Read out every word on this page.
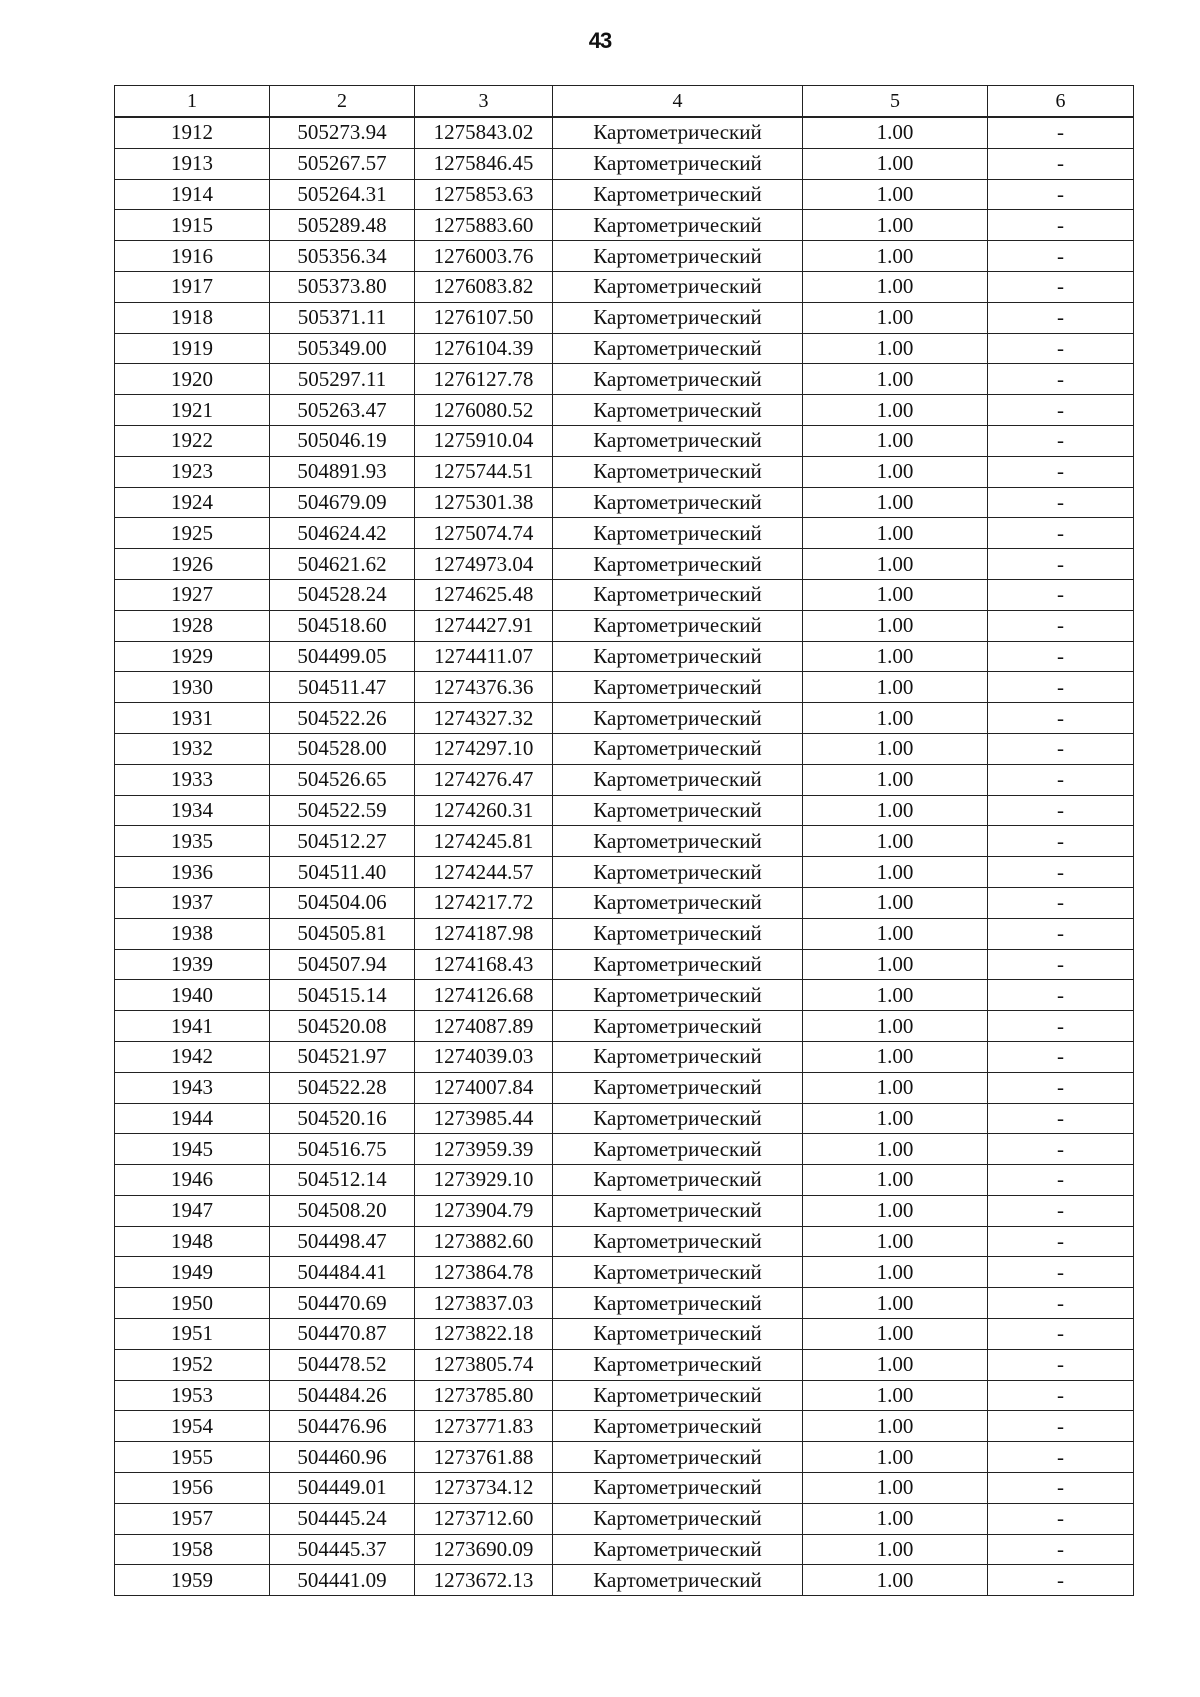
43
1	2	3	4	5	6
1912	505273.94	1275843.02	Картометрический	1.00	-
1913	505267.57	1275846.45	Картометрический	1.00	-
1914	505264.31	1275853.63	Картометрический	1.00	-
1915	505289.48	1275883.60	Картометрический	1.00	-
1916	505356.34	1276003.76	Картометрический	1.00	-
1917	505373.80	1276083.82	Картометрический	1.00	-
1918	505371.11	1276107.50	Картометрический	1.00	-
1919	505349.00	1276104.39	Картометрический	1.00	-
1920	505297.11	1276127.78	Картометрический	1.00	-
1921	505263.47	1276080.52	Картометрический	1.00	-
1922	505046.19	1275910.04	Картометрический	1.00	-
1923	504891.93	1275744.51	Картометрический	1.00	-
1924	504679.09	1275301.38	Картометрический	1.00	-
1925	504624.42	1275074.74	Картометрический	1.00	-
1926	504621.62	1274973.04	Картометрический	1.00	-
1927	504528.24	1274625.48	Картометрический	1.00	-
1928	504518.60	1274427.91	Картометрический	1.00	-
1929	504499.05	1274411.07	Картометрический	1.00	-
1930	504511.47	1274376.36	Картометрический	1.00	-
1931	504522.26	1274327.32	Картометрический	1.00	-
1932	504528.00	1274297.10	Картометрический	1.00	-
1933	504526.65	1274276.47	Картометрический	1.00	-
1934	504522.59	1274260.31	Картометрический	1.00	-
1935	504512.27	1274245.81	Картометрический	1.00	-
1936	504511.40	1274244.57	Картометрический	1.00	-
1937	504504.06	1274217.72	Картометрический	1.00	-
1938	504505.81	1274187.98	Картометрический	1.00	-
1939	504507.94	1274168.43	Картометрический	1.00	-
1940	504515.14	1274126.68	Картометрический	1.00	-
1941	504520.08	1274087.89	Картометрический	1.00	-
1942	504521.97	1274039.03	Картометрический	1.00	-
1943	504522.28	1274007.84	Картометрический	1.00	-
1944	504520.16	1273985.44	Картометрический	1.00	-
1945	504516.75	1273959.39	Картометрический	1.00	-
1946	504512.14	1273929.10	Картометрический	1.00	-
1947	504508.20	1273904.79	Картометрический	1.00	-
1948	504498.47	1273882.60	Картометрический	1.00	-
1949	504484.41	1273864.78	Картометрический	1.00	-
1950	504470.69	1273837.03	Картометрический	1.00	-
1951	504470.87	1273822.18	Картометрический	1.00	-
1952	504478.52	1273805.74	Картометрический	1.00	-
1953	504484.26	1273785.80	Картометрический	1.00	-
1954	504476.96	1273771.83	Картометрический	1.00	-
1955	504460.96	1273761.88	Картометрический	1.00	-
1956	504449.01	1273734.12	Картометрический	1.00	-
1957	504445.24	1273712.60	Картометрический	1.00	-
1958	504445.37	1273690.09	Картометрический	1.00	-
1959	504441.09	1273672.13	Картометрический	1.00	-
